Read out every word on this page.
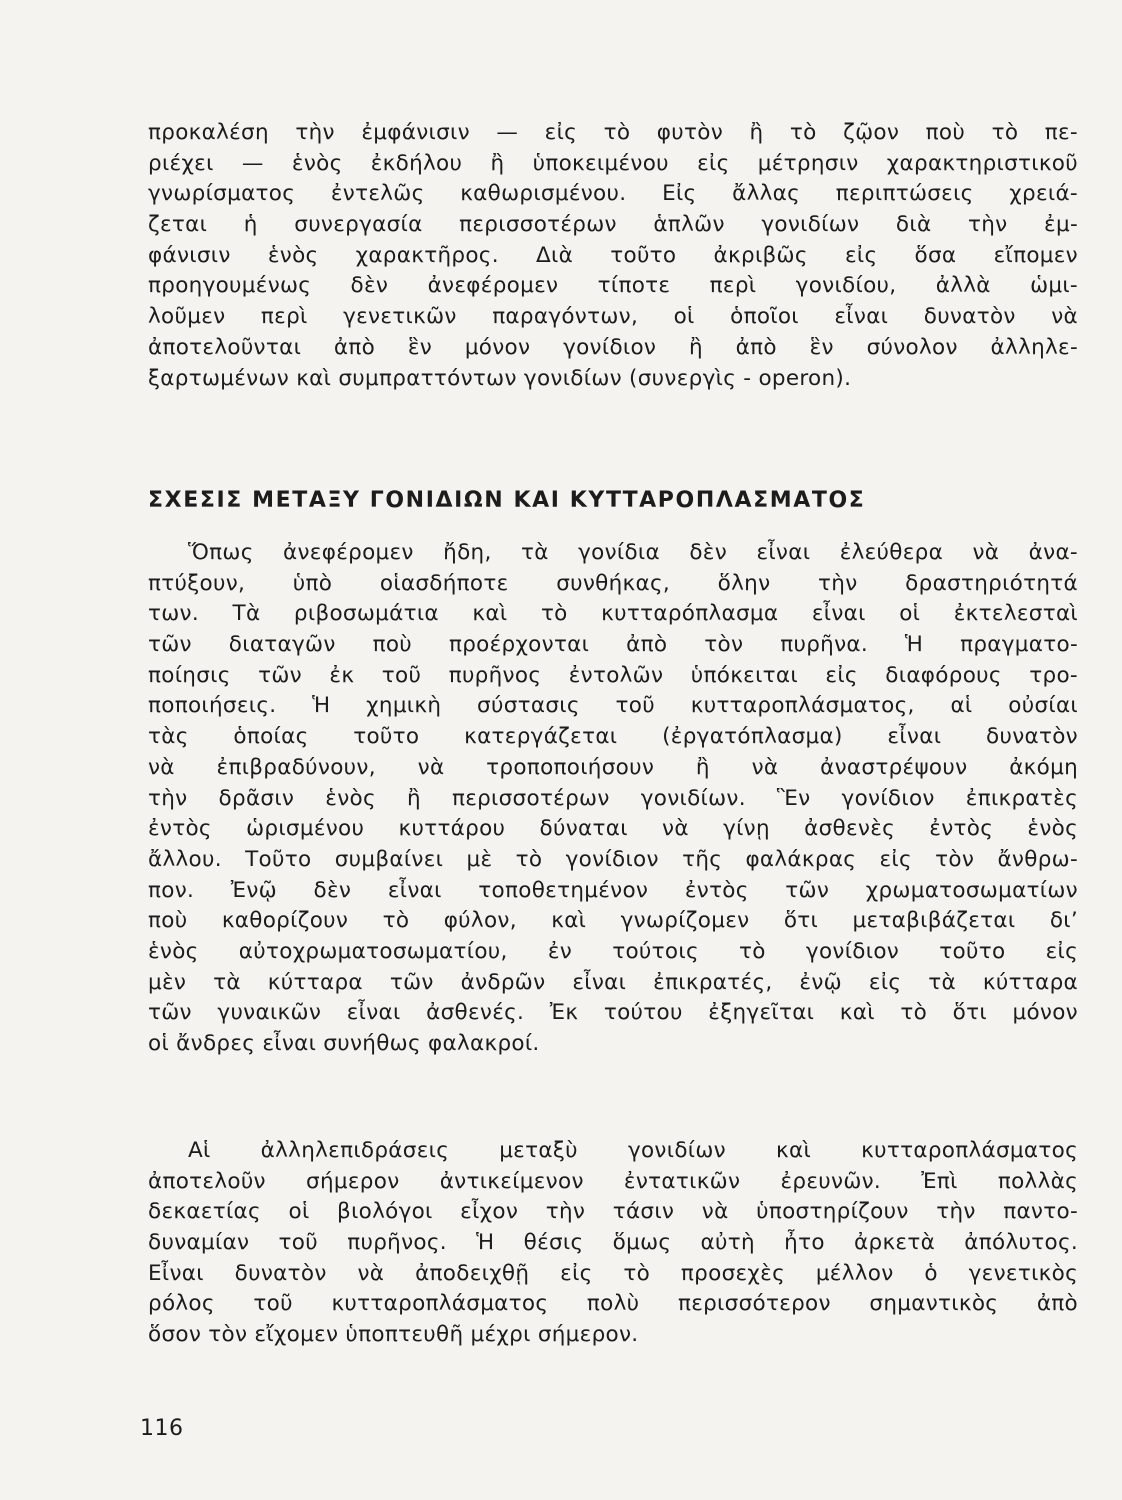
προκαλέση τὴν ἐμφάνισιν — εἰς τὸ φυτὸν ἢ τὸ ζῷον ποὺ τὸ πε-
ριέχει — ἑνὸς ἐκδήλου ἢ ὑποκειμένου εἰς μέτρησιν χαρακτηριστικοῦ
γνωρίσματος ἐντελῶς καθωρισμένου. Εἰς ἄλλας περιπτώσεις χρειά-
ζεται ἡ συνεργασία περισσοτέρων ἁπλῶν γονιδίων διὰ τὴν ἐμ-
φάνισιν ἑνὸς χαρακτῆρος. Διὰ τοῦτο ἀκριβῶς εἰς ὅσα εἴπομεν
προηγουμένως δὲν ἀνεφέρομεν τίποτε περὶ γονιδίου, ἀλλὰ ὡμι-
λοῦμεν περὶ γενετικῶν παραγόντων, οἱ ὁποῖοι εἶναι δυνατὸν νὰ
ἀποτελοῦνται ἀπὸ ἓν μόνον γονίδιον ἢ ἀπὸ ἓν σύνολον ἀλληλε-
ξαρτωμένων καὶ συμπραττόντων γονιδίων (συνεργὶς - operon).
ΣΧΕΣΙΣ ΜΕΤΑΞΥ ΓΟΝΙΔΙΩΝ ΚΑΙ ΚΥΤΤΑΡΟΠΛΑΣΜΑΤΟΣ
Ὅπως ἀνεφέρομεν ἤδη, τὰ γονίδια δὲν εἶναι ἐλεύθερα νὰ ἀνα-
πτύξουν, ὑπὸ οἱασδήποτε συνθήκας, ὅλην τὴν δραστηριότητά
των. Τὰ ριβοσωμάτια καὶ τὸ κυτταρόπλασμα εἶναι οἱ ἐκτελεσταὶ
τῶν διαταγῶν ποὺ προέρχονται ἀπὸ τὸν πυρῆνα. Ἡ πραγματο-
ποίησις τῶν ἐκ τοῦ πυρῆνος ἐντολῶν ὑπόκειται εἰς διαφόρους τρο-
ποποιήσεις. Ἡ χημικὴ σύστασις τοῦ κυτταροπλάσματος, αἱ οὐσίαι
τὰς ὁποίας τοῦτο κατεργάζεται (ἐργατόπλασμα) εἶναι δυνατὸν
νὰ ἐπιβραδύνουν, νὰ τροποποιήσουν ἢ νὰ ἀναστρέψουν ἀκόμη
τὴν δρᾶσιν ἑνὸς ἢ περισσοτέρων γονιδίων. Ἓν γονίδιον ἐπικρατὲς
ἐντὸς ὡρισμένου κυττάρου δύναται νὰ γίνῃ ἀσθενὲς ἐντὸς ἑνὸς
ἄλλου. Τοῦτο συμβαίνει μὲ τὸ γονίδιον τῆς φαλάκρας εἰς τὸν ἄνθρω-
πον. Ἐνῷ δὲν εἶναι τοποθετημένον ἐντὸς τῶν χρωματοσωματίων
ποὺ καθορίζουν τὸ φύλον, καὶ γνωρίζομεν ὅτι μεταβιβάζεται δι’
ἑνὸς αὐτοχρωματοσωματίου, ἐν τούτοις τὸ γονίδιον τοῦτο εἰς
μὲν τὰ κύτταρα τῶν ἀνδρῶν εἶναι ἐπικρατές, ἐνῷ εἰς τὰ κύτταρα
τῶν γυναικῶν εἶναι ἀσθενές. Ἐκ τούτου ἐξηγεῖται καὶ τὸ ὅτι μόνον
οἱ ἄνδρες εἶναι συνήθως φαλακροί.
Αἱ ἀλληλεπιδράσεις μεταξὺ γονιδίων καὶ κυτταροπλάσματος
ἀποτελοῦν σήμερον ἀντικείμενον ἐντατικῶν ἐρευνῶν. Ἐπὶ πολλὰς
δεκαετίας οἱ βιολόγοι εἶχον τὴν τάσιν νὰ ὑποστηρίζουν τὴν παντο-
δυναμίαν τοῦ πυρῆνος. Ἡ θέσις ὅμως αὐτὴ ἦτο ἀρκετὰ ἀπόλυτος.
Εἶναι δυνατὸν νὰ ἀποδειχθῇ εἰς τὸ προσεχὲς μέλλον ὁ γενετικὸς
ρόλος τοῦ κυτταροπλάσματος πολὺ περισσότερον σημαντικὸς ἀπὸ
ὅσον τὸν εἴχομεν ὑποπτευθῆ μέχρι σήμερον.
116
